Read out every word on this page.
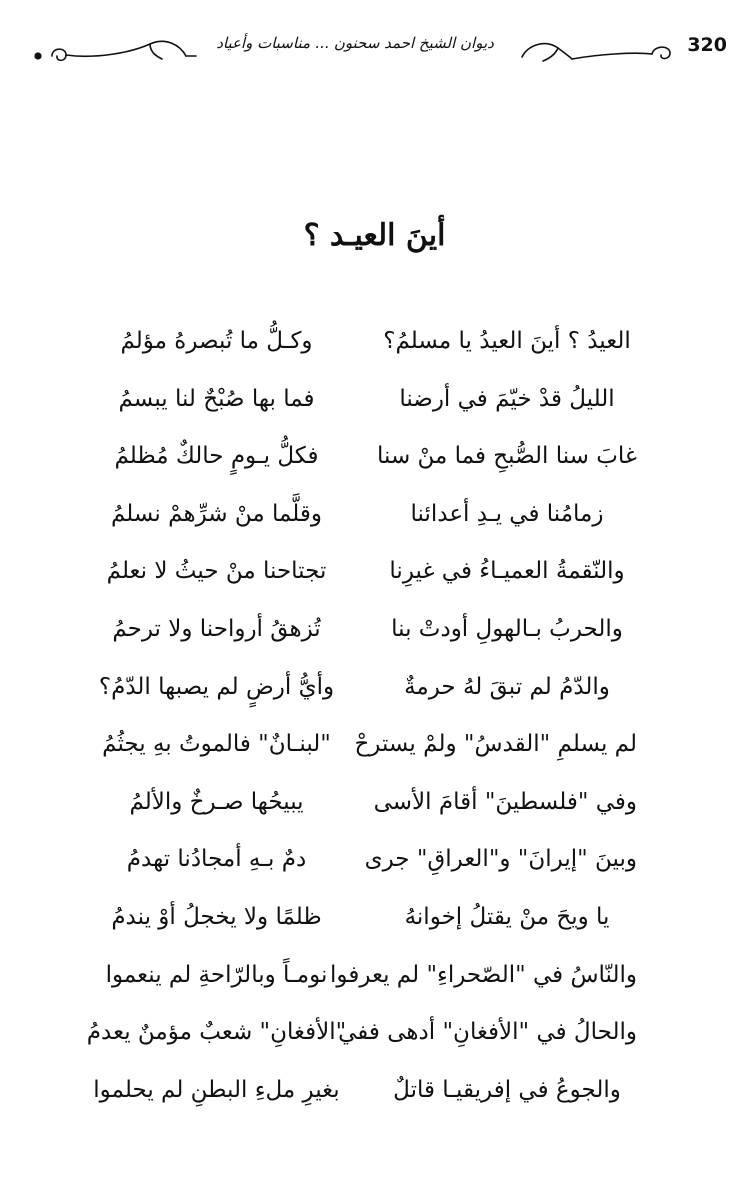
320
ديوان الشيخ احمد سحنون ... مناسبات وأعياد
أينَ العيـد ؟
العيدُ ؟ أينَ العيدُ يا مسلمُ؟
وكـلُّ ما تُبصرهُ مؤلمُ
الليلُ قدْ خيّمَ في أرضنا
فما بها صُبْحٌ لنا يبسمُ
غابَ سنا الصُّبحِ فما منْ سنا
فكلُّ يـومٍ حالكٌ مُظلمُ
زمامُنا في يـدِ أعدائنا
وقلَّما منْ شرِّهمْ نسلمُ
والنّقمةُ العميـاءُ في غيرِنا
تجتاحنا منْ حيثُ لا نعلمُ
والحربُ بـالهولِ أودتْ بنا
تُزهقُ أرواحنا ولا ترحمُ
والدّمُ لم تبقَ لهُ حرمةٌ
وأيُّ أرضٍ لم يصبها الدّمُ؟
لم يسلمِ "القدسُ" ولمْ يسترحْ
"لبنـانٌ" فالموتُ بهِ يجثُمُ
وفي "فلسطينَ" أقامَ الأسى
يبيحُها صـرخٌ والألمُ
وبينَ "إيرانَ" و"العراقِ" جرى
دمٌ بـهِ أمجادُنا تهدمُ
يا ويحَ منْ يقتلُ إخوانهُ
ظلمًا ولا يخجلُ أوْ يندمُ
والنّاسُ في "الصّحراءِ" لم يعرفوا
نومـاً وبالرّاحةِ لم ينعموا
والحالُ في "الأفغانِ" أدهى ففي
"الأفغانِ" شعبٌ مؤمنٌ يعدمُ
والجوعُ في إفريقيـا قاتلٌ
بغيرِ ملءِ البطنِ لم يحلموا
